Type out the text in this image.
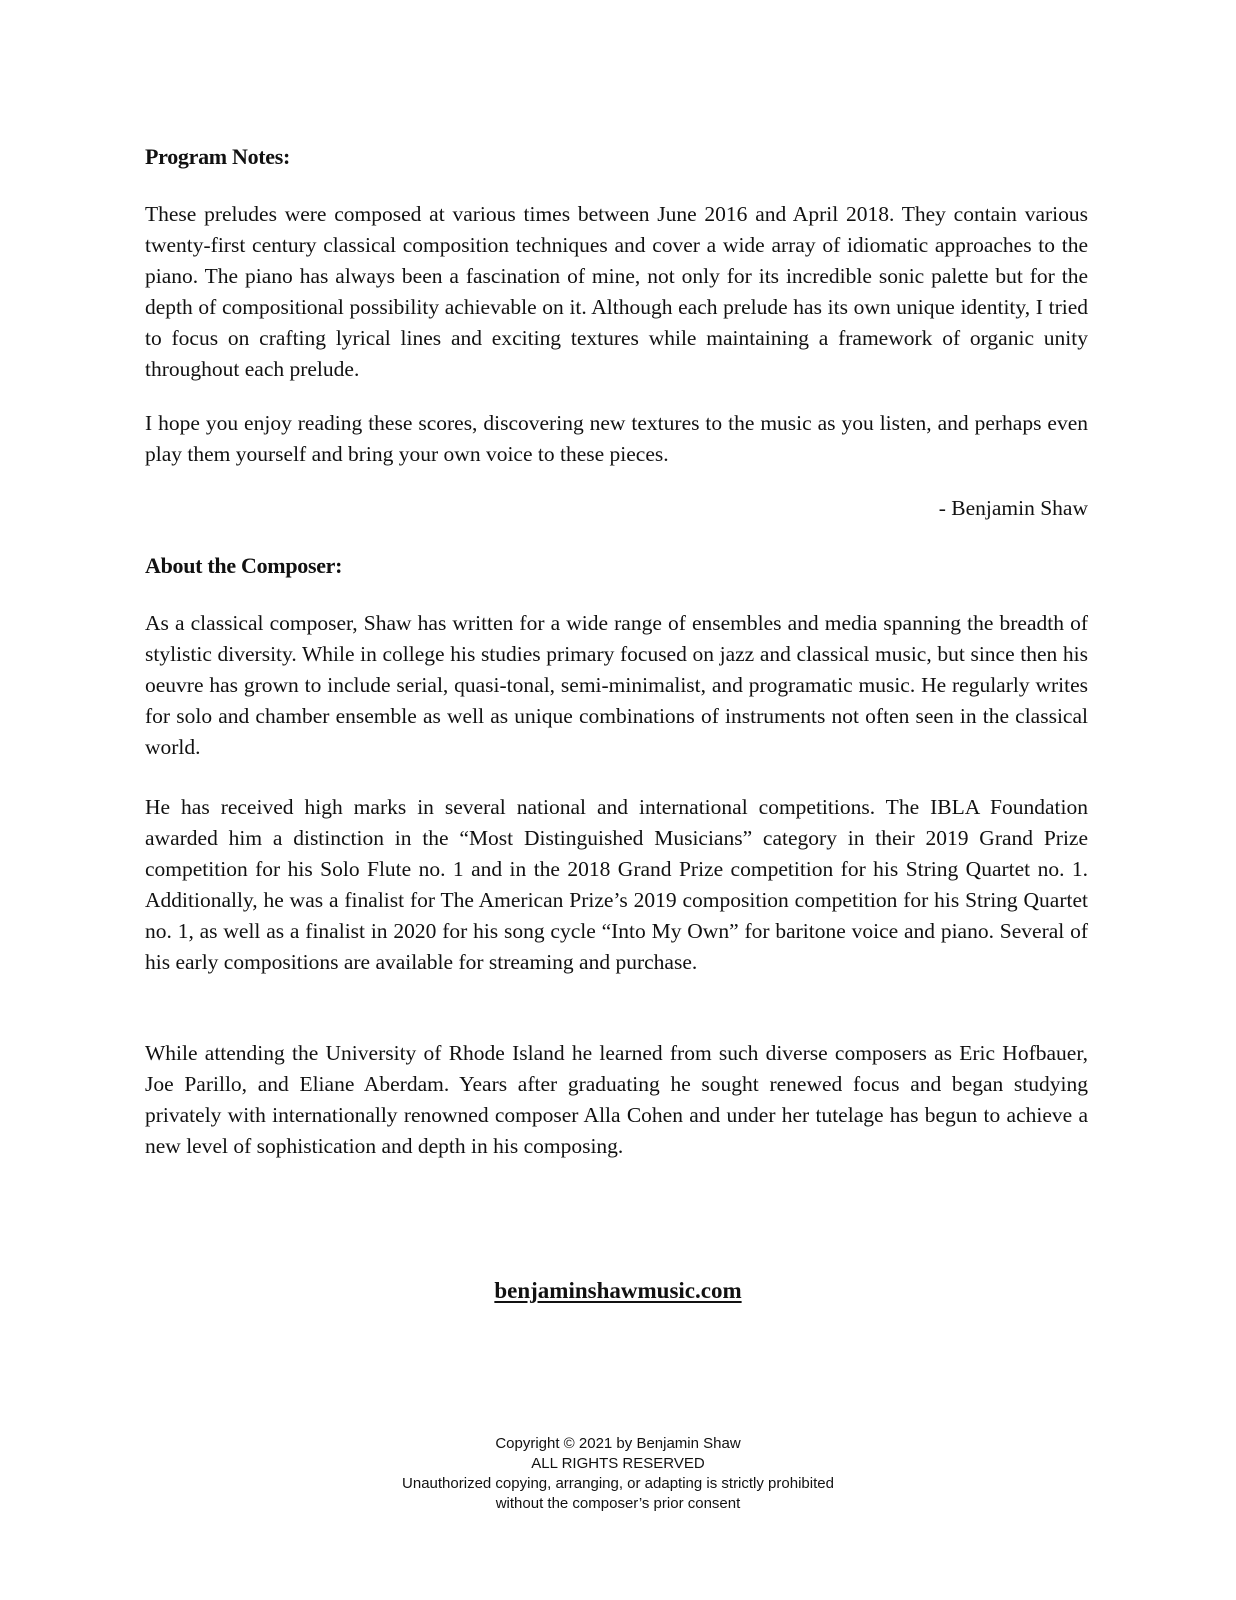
Program Notes:

These preludes were composed at various times between June 2016 and April 2018. They contain various twenty-first century classical composition techniques and cover a wide array of idiomatic approaches to the piano. The piano has always been a fascination of mine, not only for its incredible sonic palette but for the depth of compositional possibility achievable on it. Although each prelude has its own unique identity, I tried to focus on crafting lyrical lines and exciting textures while maintaining a framework of organic unity throughout each prelude.

I hope you enjoy reading these scores, discovering new textures to the music as you listen, and perhaps even play them yourself and bring your own voice to these pieces.

- Benjamin Shaw
About the Composer:

As a classical composer, Shaw has written for a wide range of ensembles and media spanning the breadth of stylistic diversity. While in college his studies primary focused on jazz and classical music, but since then his oeuvre has grown to include serial, quasi-tonal, semi-minimalist, and programatic music. He regularly writes for solo and chamber ensemble as well as unique combinations of instruments not often seen in the classical world.

He has received high marks in several national and international competitions. The IBLA Foundation awarded him a distinction in the “Most Distinguished Musicians” category in their 2019 Grand Prize competition for his Solo Flute no. 1 and in the 2018 Grand Prize competition for his String Quartet no. 1. Additionally, he was a finalist for The American Prize’s 2019 composition competition for his String Quartet no. 1, as well as a finalist in 2020 for his song cycle “Into My Own” for baritone voice and piano. Several of his early compositions are available for streaming and purchase.

While attending the University of Rhode Island he learned from such diverse composers as Eric Hofbauer, Joe Parillo, and Eliane Aberdam. Years after graduating he sought renewed focus and began studying privately with internationally renowned composer Alla Cohen and under her tutelage has begun to achieve a new level of sophistication and depth in his composing.

benjaminshawmusic.com
Copyright © 2021 by Benjamin Shaw
ALL RIGHTS RESERVED
Unauthorized copying, arranging, or adapting is strictly prohibited
without the composer’s prior consent
